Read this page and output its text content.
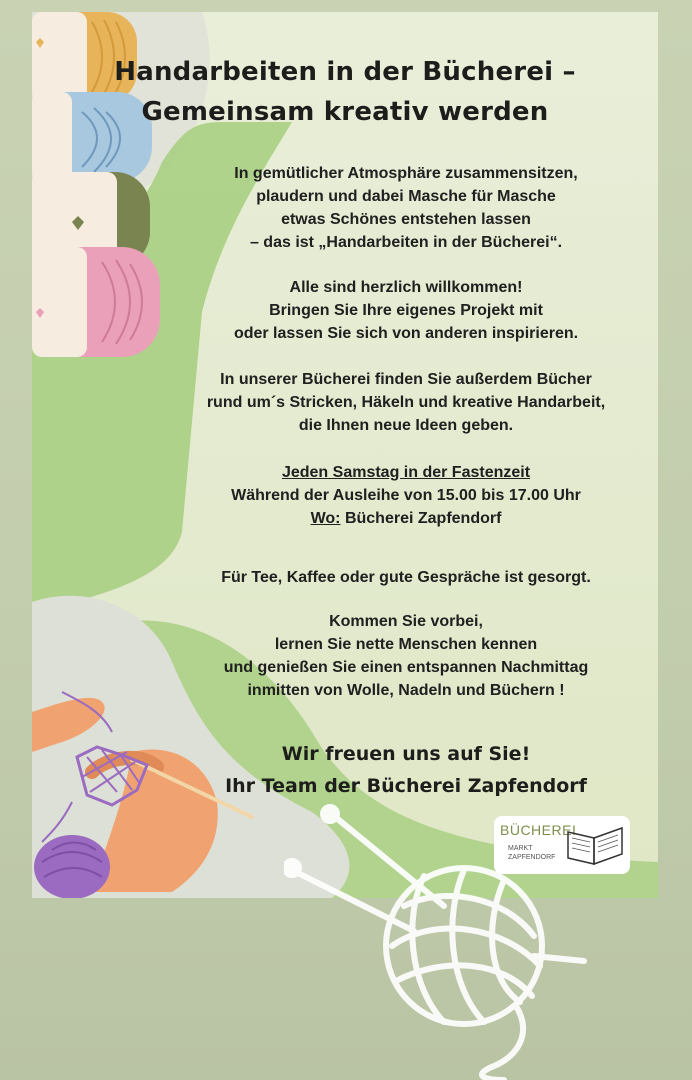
Handarbeiten in der Bücherei –
Gemeinsam kreativ werden
In gemütlicher Atmosphäre zusammensitzen,
plaudern und dabei Masche für Masche
etwas Schönes entstehen lassen
– das ist „Handarbeiten in der Bücherei“.
Alle sind herzlich willkommen!
Bringen Sie Ihre eigenes Projekt mit
oder lassen Sie sich von anderen inspirieren.
In unserer Bücherei finden Sie außerdem Bücher
rund um´s Stricken, Häkeln und kreative Handarbeit,
die Ihnen neue Ideen geben.
Jeden Samstag in der Fastenzeit
Während der Ausleihe von 15.00 bis 17.00 Uhr
Wo: Bücherei Zapfendorf
Für Tee, Kaffee oder gute Gespräche ist gesorgt.
Kommen Sie vorbei,
lernen Sie nette Menschen kennen
und genießen Sie einen entspannen Nachmittag
inmitten von Wolle, Nadeln und Büchern !
Wir freuen uns auf Sie!
Ihr Team der Bücherei Zapfendorf
BÜCHEREI
MARKT
ZAPFENDORF
